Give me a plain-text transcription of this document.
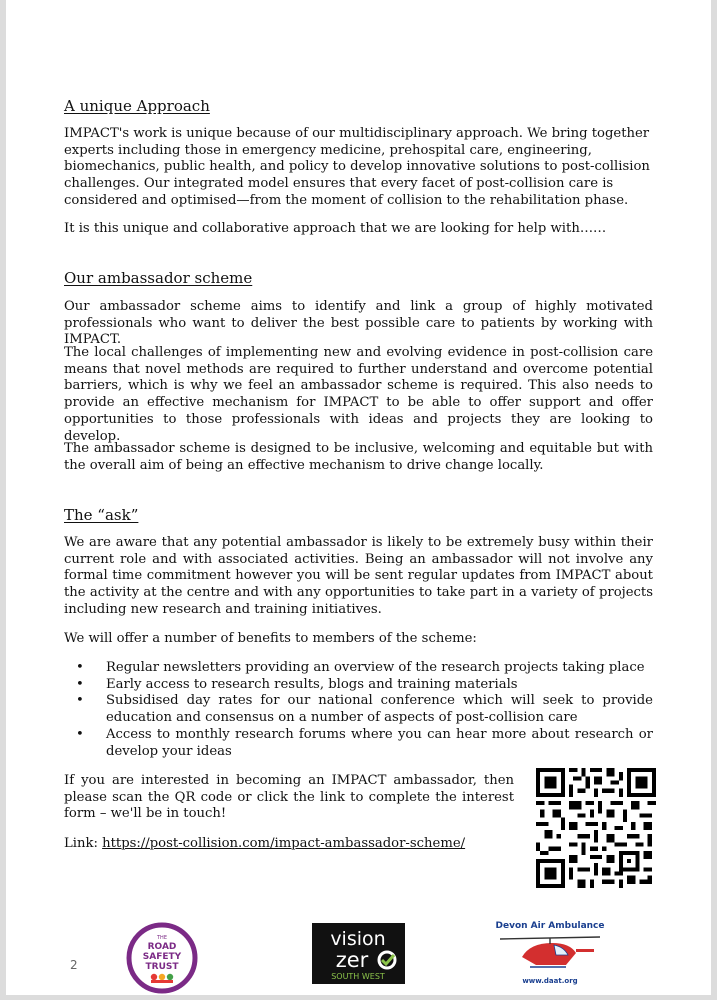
A unique Approach

IMPACT's work is unique because of our multidisciplinary approach. We bring together experts including those in emergency medicine, prehospital care, engineering, biomechanics, public health, and policy to develop innovative solutions to post-collision challenges. Our integrated model ensures that every facet of post-collision care is considered and optimised—from the moment of collision to the rehabilitation phase.

It is this unique and collaborative approach that we are looking for help with……

Our ambassador scheme

Our ambassador scheme aims to identify and link a group of highly motivated professionals who want to deliver the best possible care to patients by working with IMPACT.

The local challenges of implementing new and evolving evidence in post-collision care means that novel methods are required to further understand and overcome potential barriers, which is why we feel an ambassador scheme is required. This also needs to provide an effective mechanism for IMPACT to be able to offer support and offer opportunities to those professionals with ideas and projects they are looking to develop.

The ambassador scheme is designed to be inclusive, welcoming and equitable but with the overall aim of being an effective mechanism to drive change locally.

The “ask”

We are aware that any potential ambassador is likely to be extremely busy within their current role and with associated activities. Being an ambassador will not involve any formal time commitment however you will be sent regular updates from IMPACT about the activity at the centre and with any opportunities to take part in a variety of projects including new research and training initiatives.

We will offer a number of benefits to members of the scheme:

• Regular newsletters providing an overview of the research projects taking place
• Early access to research results, blogs and training materials
• Subsidised day rates for our national conference which will seek to provide education and consensus on a number of aspects of post-collision care
• Access to monthly research forums where you can hear more about research or develop your ideas

If you are interested in becoming an IMPACT ambassador, then please scan the QR code or click the link to complete the interest form – we'll be in touch!

Link: https://post-collision.com/impact-ambassador-scheme/

2
THE
ROAD
SAFETY
TRUST
vision
zer
SOUTH WEST
Devon Air Ambulance
www.daat.org
